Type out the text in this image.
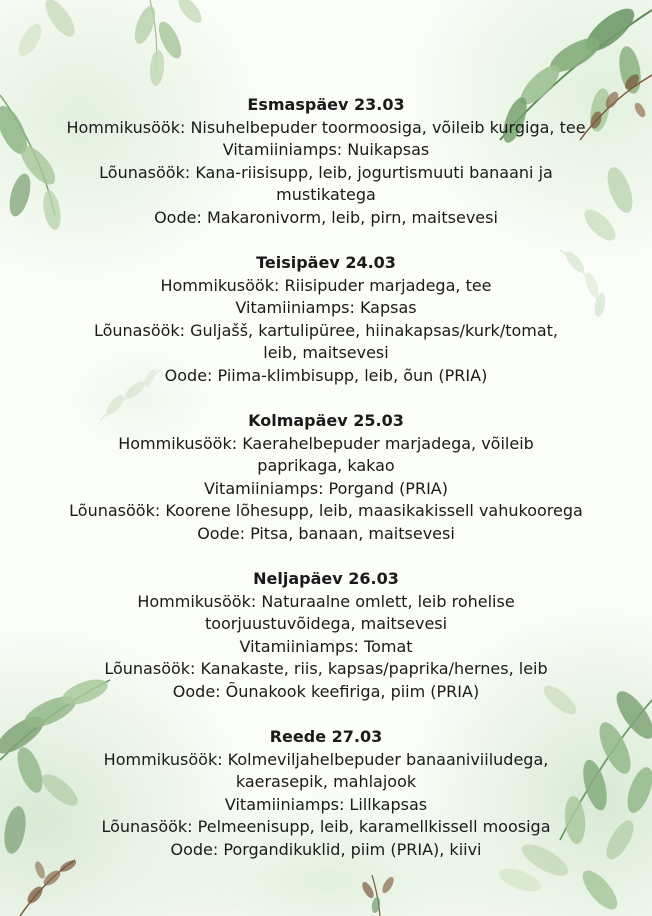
Esmaspäev 23.03
Hommikusöök: Nisuhelbepuder toormoosiga, võileib kurgiga, tee
Vitamiiniamps: Nuikapsas
Lõunasöök: Kana-riisisupp, leib, jogurtismuuti banaani ja mustikatega
Oode: Makaronivorm, leib, pirn, maitsevesi
Teisipäev 24.03
Hommikusöök: Riisipuder marjadega, tee
Vitamiiniamps: Kapsas
Lõunasöök: Guljašš, kartulipüree, hiinakapsas/kurk/tomat, leib, maitsevesi
Oode: Piima-klimbisupp, leib, õun (PRIA)
Kolmapäev 25.03
Hommikusöök: Kaerahelbepuder marjadega, võileib paprikaga, kakao
Vitamiiniamps: Porgand (PRIA)
Lõunasöök: Koorene lõhesupp, leib, maasikakissell vahukoorega
Oode: Pitsa, banaan, maitsevesi
Neljapäev 26.03
Hommikusöök: Naturaalne omlett, leib rohelise toorjuustuvõidega, maitsevesi
Vitamiiniamps: Tomat
Lõunasöök: Kanakaste, riis, kapsas/paprika/hernes, leib
Oode: Õunakook keefiriga, piim (PRIA)
Reede 27.03
Hommikusöök: Kolmeviljahelbepuder banaaniviiludega, kaerasepik, mahlajook
Vitamiiniamps: Lillkapsas
Lõunasöök: Pelmeenisupp, leib, karamellkissell moosiga
Oode: Porgandikuklid, piim (PRIA), kiivi
